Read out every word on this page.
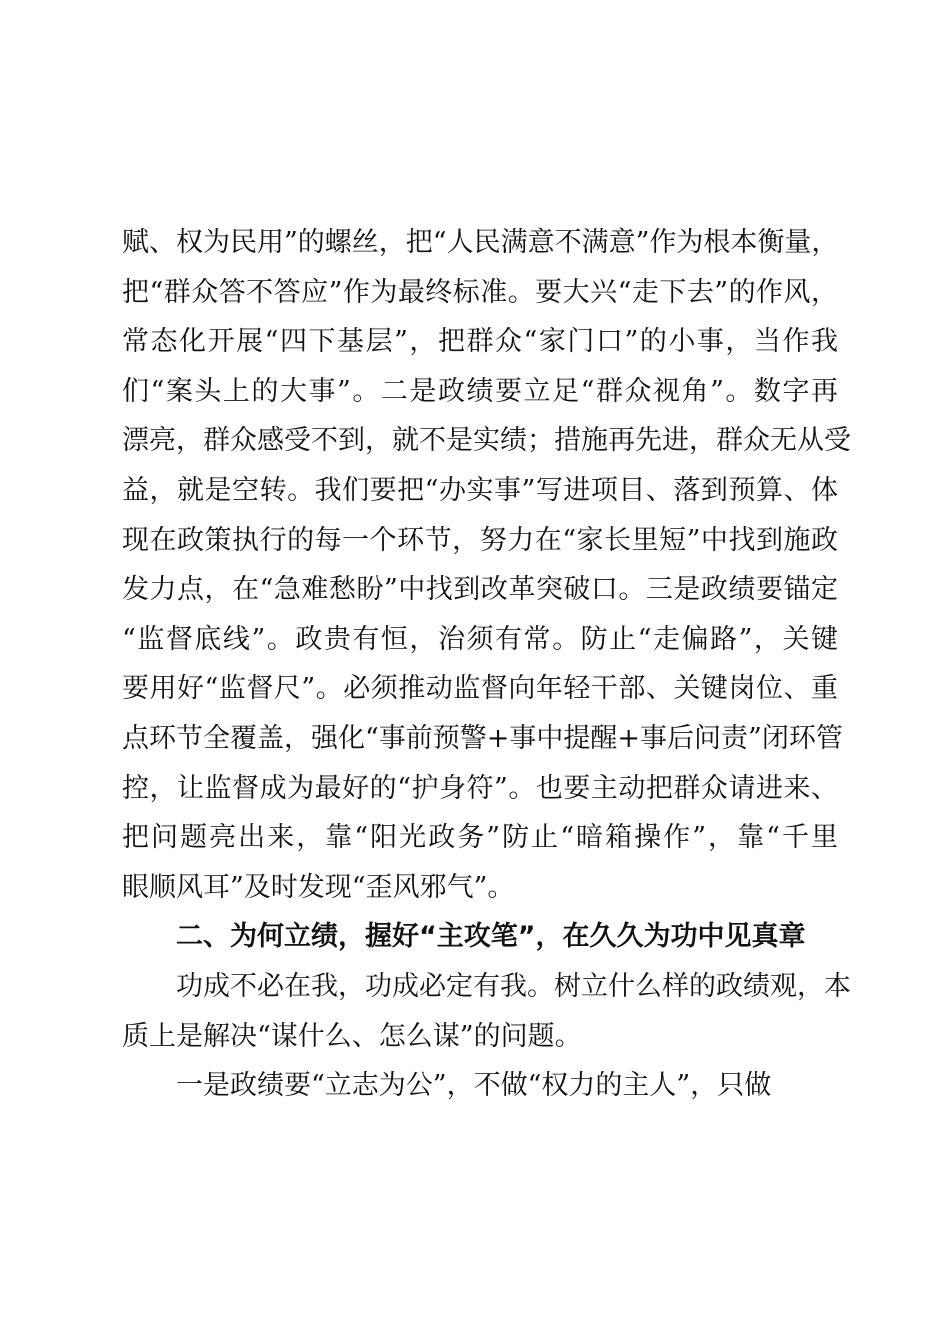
赋、权为民用”的螺丝，把“人民满意不满意”作为根本衡量，
把“群众答不答应”作为最终标准。要大兴“走下去”的作风，
常态化开展“四下基层”，把群众“家门口”的小事，当作我
们“案头上的大事”。二是政绩要立足“群众视角”。数字再
漂亮，群众感受不到，就不是实绩；措施再先进，群众无从受
益，就是空转。我们要把“办实事”写进项目、落到预算、体
现在政策执行的每一个环节，努力在“家长里短”中找到施政
发力点，在“急难愁盼”中找到改革突破口。三是政绩要锚定
“监督底线”。政贵有恒，治须有常。防止“走偏路”，关键
要用好“监督尺”。必须推动监督向年轻干部、关键岗位、重
点环节全覆盖，强化“事前预警+事中提醒+事后问责”闭环管
控，让监督成为最好的“护身符”。也要主动把群众请进来、
把问题亮出来，靠“阳光政务”防止“暗箱操作”，靠“千里
眼顺风耳”及时发现“歪风邪气”。
二、为何立绩，握好“主攻笔”，在久久为功中见真章
功成不必在我，功成必定有我。树立什么样的政绩观，本
质上是解决“谋什么、怎么谋”的问题。
一是政绩要“立志为公”，不做“权力的主人”，只做
